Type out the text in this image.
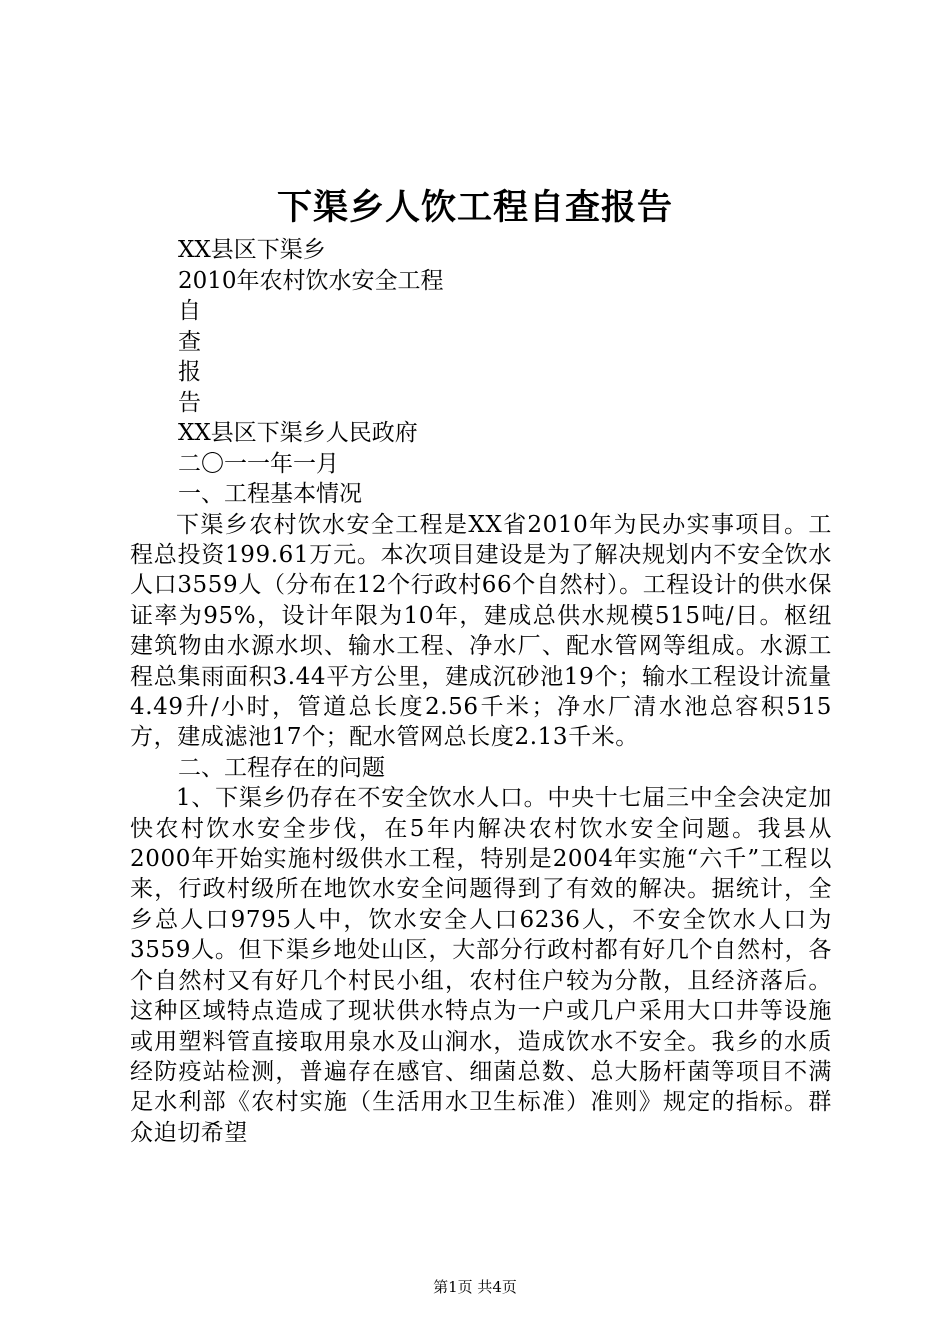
下渠乡人饮工程自查报告

XX县区下渠乡

2010年农村饮水安全工程

自

查

报

告

XX县区下渠乡人民政府

二〇一一年一月

一、工程基本情况

下渠乡农村饮水安全工程是XX省2010年为民办实事项目。工程总投资199.61万元。本次项目建设是为了解决规划内不安全饮水人口3559人（分布在12个行政村66个自然村）。工程设计的供水保证率为95%，设计年限为10年，建成总供水规模515吨/日。枢纽建筑物由水源水坝、输水工程、净水厂、配水管网等组成。水源工程总集雨面积3.44平方公里，建成沉砂池19个；输水工程设计流量4.49升/小时，管道总长度2.56千米；净水厂清水池总容积515方，建成滤池17个；配水管网总长度2.13千米。

二、工程存在的问题

1、下渠乡仍存在不安全饮水人口。中央十七届三中全会决定加快农村饮水安全步伐，在5年内解决农村饮水安全问题。我县从2000年开始实施村级供水工程，特别是2004年实施“六千”工程以来，行政村级所在地饮水安全问题得到了有效的解决。据统计，全乡总人口9795人中，饮水安全人口6236人，不安全饮水人口为3559人。但下渠乡地处山区，大部分行政村都有好几个自然村，各个自然村又有好几个村民小组，农村住户较为分散，且经济落后。这种区域特点造成了现状供水特点为一户或几户采用大口井等设施或用塑料管直接取用泉水及山涧水，造成饮水不安全。我乡的水质经防疫站检测，普遍存在感官、细菌总数、总大肠杆菌等项目不满足水利部《农村实施（生活用水卫生标准）准则》规定的指标。群众迫切希望

第1页 共4页
